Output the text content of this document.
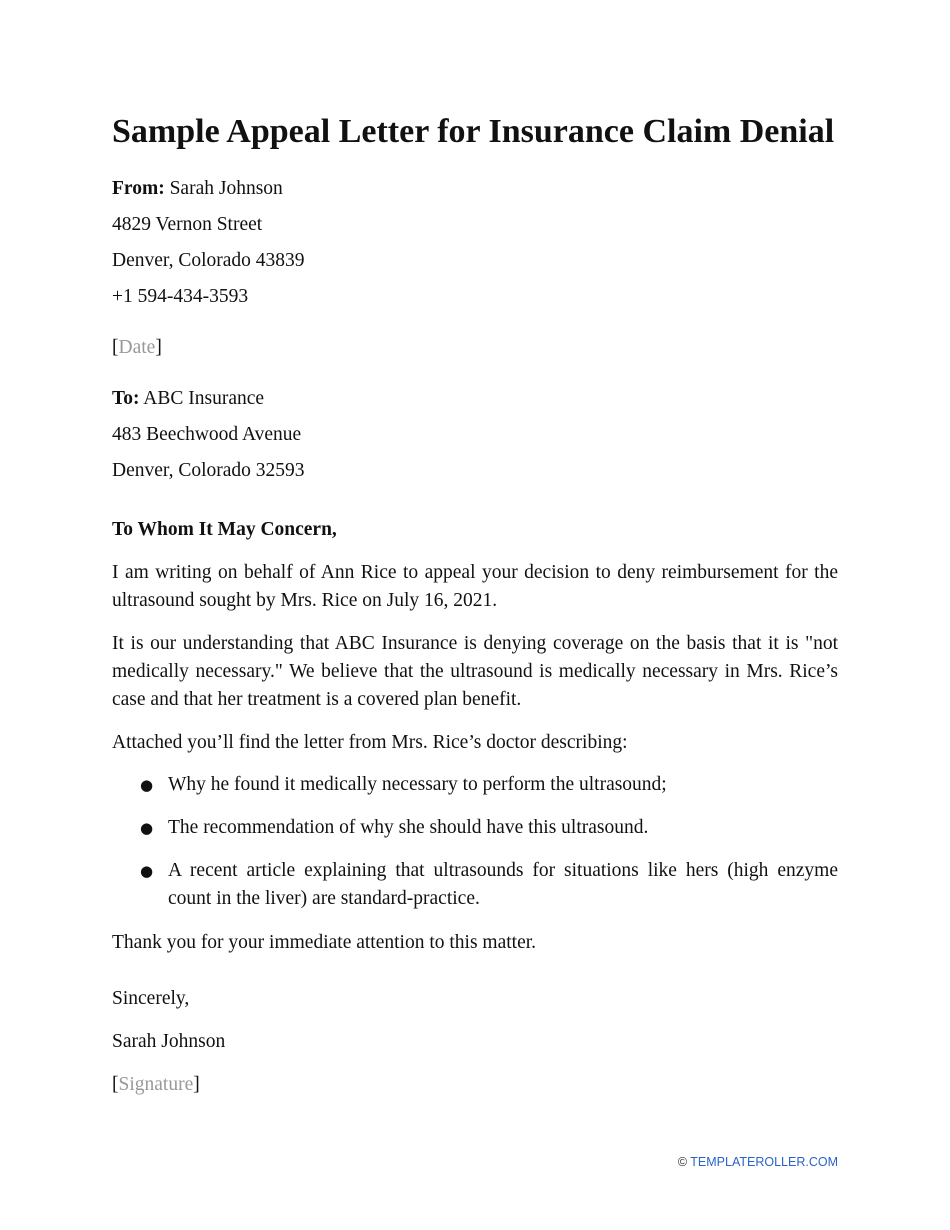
Sample Appeal Letter for Insurance Claim Denial

From: Sarah Johnson

4829 Vernon Street

Denver, Colorado 43839

+1 594-434-3593

[Date]

To: ABC Insurance

483 Beechwood Avenue

Denver, Colorado 32593

To Whom It May Concern,

I am writing on behalf of Ann Rice to appeal your decision to deny reimbursement for the ultrasound sought by Mrs. Rice on July 16, 2021.

It is our understanding that ABC Insurance is denying coverage on the basis that it is "not medically necessary." We believe that the ultrasound is medically necessary in Mrs. Rice’s case and that her treatment is a covered plan benefit.

Attached you’ll find the letter from Mrs. Rice’s doctor describing:

● Why he found it medically necessary to perform the ultrasound;
● The recommendation of why she should have this ultrasound.
● A recent article explaining that ultrasounds for situations like hers (high enzyme count in the liver) are standard-practice.

Thank you for your immediate attention to this matter.

Sincerely,

Sarah Johnson

[Signature]

© TEMPLATEROLLER.COM
